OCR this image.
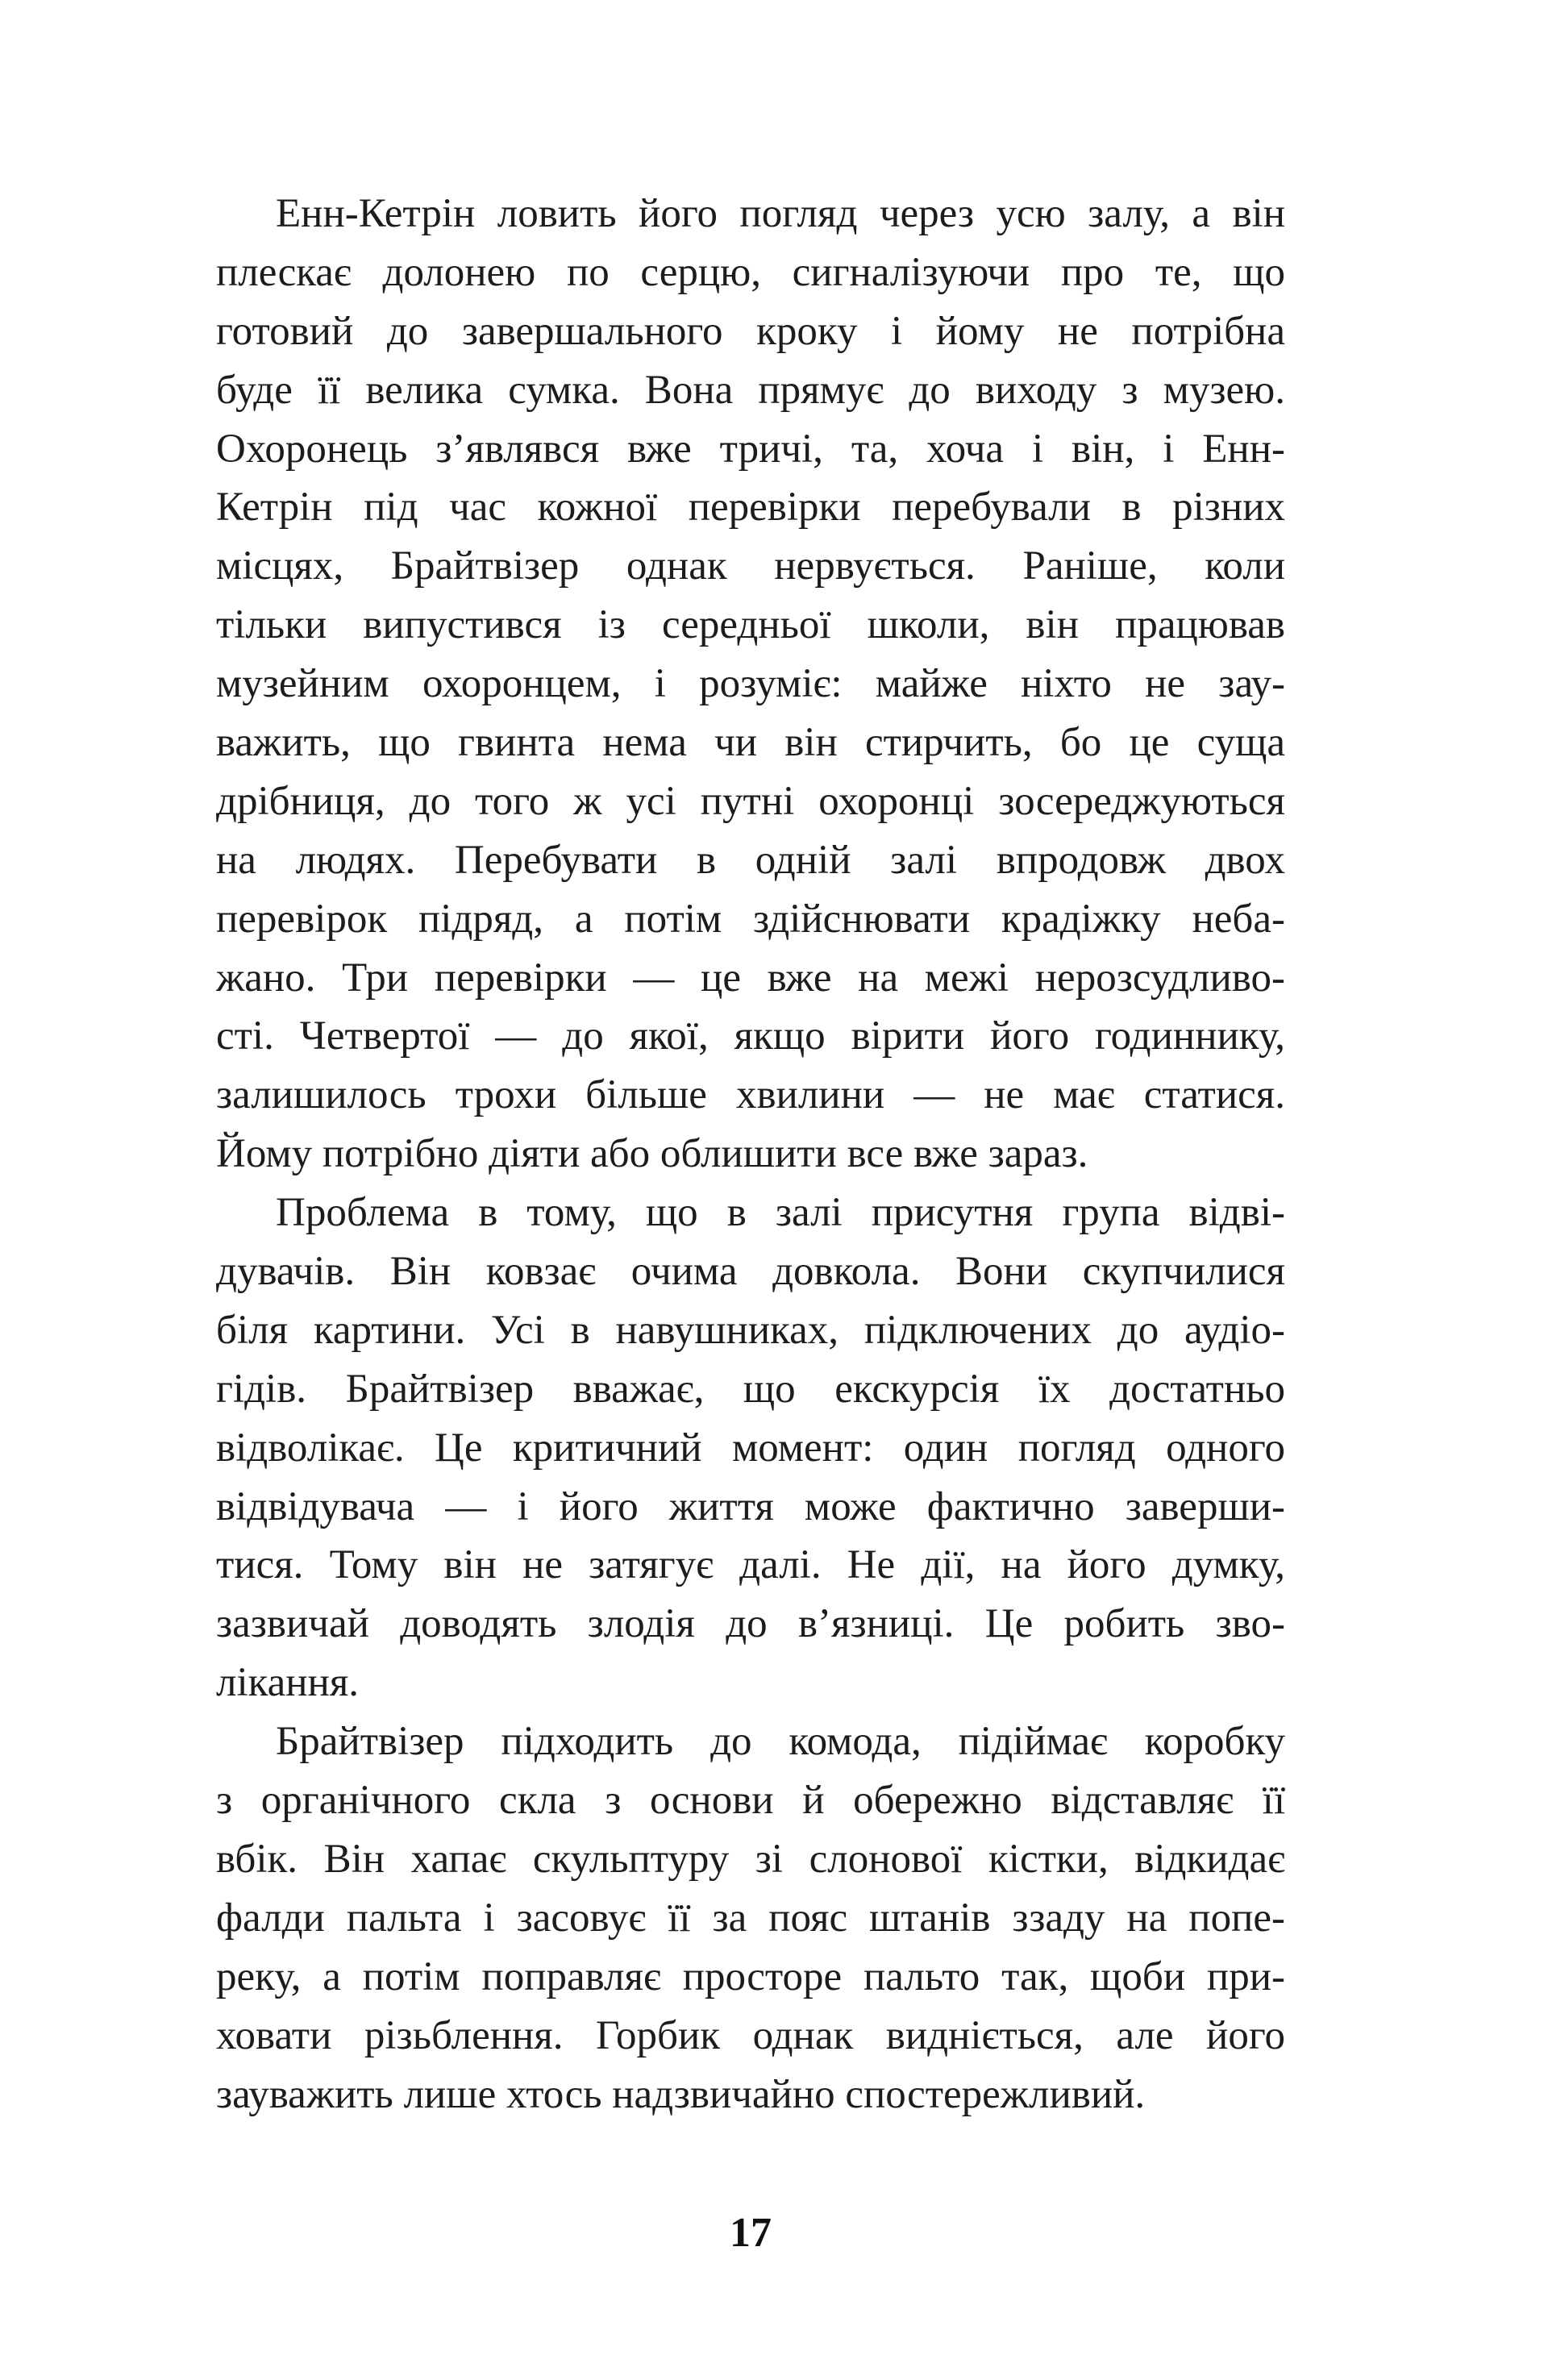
Енн-Кетрін ловить його погляд через усю залу, а він
плескає долонею по серцю, сигналізуючи про те, що
готовий до завершального кроку і йому не потрібна
буде її велика сумка. Вона прямує до виходу з музею.
Охоронець з’являвся вже тричі, та, хоча і він, і Енн-
Кетрін під час кожної перевірки перебували в різних
місцях, Брайтвізер однак нервується. Раніше, коли
тільки випустився із середньої школи, він працював
музейним охоронцем, і розуміє: майже ніхто не зау-
важить, що гвинта нема чи він стирчить, бо це суща
дрібниця, до того ж усі путні охоронці зосереджуються
на людях. Перебувати в одній залі впродовж двох
перевірок підряд, а потім здійснювати крадіжку неба-
жано. Три перевірки — це вже на межі нерозсудливо-
сті. Четвертої — до якої, якщо вірити його годиннику,
залишилось трохи більше хвилини — не має статися.
Йому потрібно діяти або облишити все вже зараз.
Проблема в тому, що в залі присутня група відві-
дувачів. Він ковзає очима довкола. Вони скупчилися
біля картини. Усі в навушниках, підключених до аудіо-
гідів. Брайтвізер вважає, що екскурсія їх достатньо
відволікає. Це критичний момент: один погляд одного
відвідувача — і його життя може фактично заверши-
тися. Тому він не затягує далі. Не дії, на його думку,
зазвичай доводять злодія до в’язниці. Це робить зво-
лікання.
Брайтвізер підходить до комода, підіймає коробку
з органічного скла з основи й обережно відставляє її
вбік. Він хапає скульптуру зі слонової кістки, відкидає
фалди пальта і засовує її за пояс штанів ззаду на попе-
реку, а потім поправляє просторе пальто так, щоби при-
ховати різьблення. Горбик однак видніється, але його
зауважить лише хтось надзвичайно спостережливий.
17
